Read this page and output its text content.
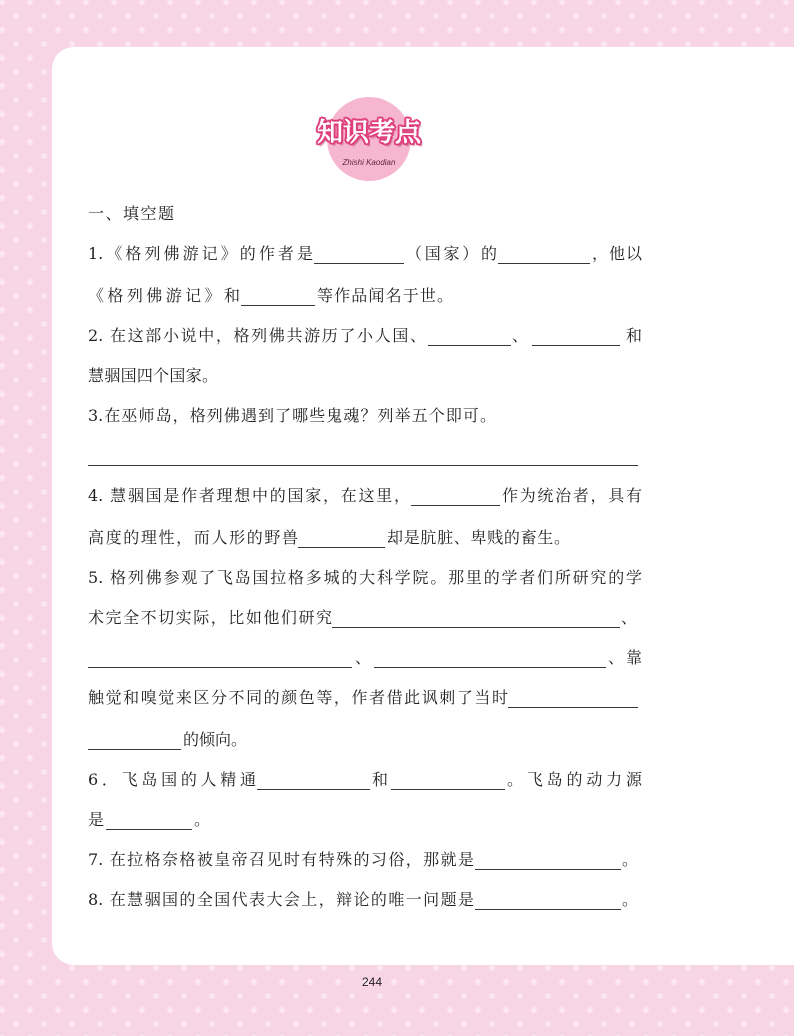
知识考点
Zhishi Kaodian
一、填空题
1.《格列佛游记》的作者是	（国家）的	，他以
《格列佛游记》和	等作品闻名于世。
2. 在这部小说中，格列佛共游历了小人国、	、	和
慧骃国四个国家。
3.在巫师岛，格列佛遇到了哪些鬼魂？列举五个即可。
4. 慧骃国是作者理想中的国家，在这里，	作为统治者，具有
高度的理性，而人形的野兽	却是肮脏、卑贱的畜生。
5. 格列佛参观了飞岛国拉格多城的大科学院。那里的学者们所研究的学
术完全不切实际，比如他们研究	、
、	、靠
触觉和嗅觉来区分不同的颜色等，作者借此讽刺了当时
的倾向。
6．飞岛国的人精通	和	。飞岛的动力源
是	。
7. 在拉格奈格被皇帝召见时有特殊的习俗，那就是	。
8. 在慧骃国的全国代表大会上，辩论的唯一问题是	。
244
